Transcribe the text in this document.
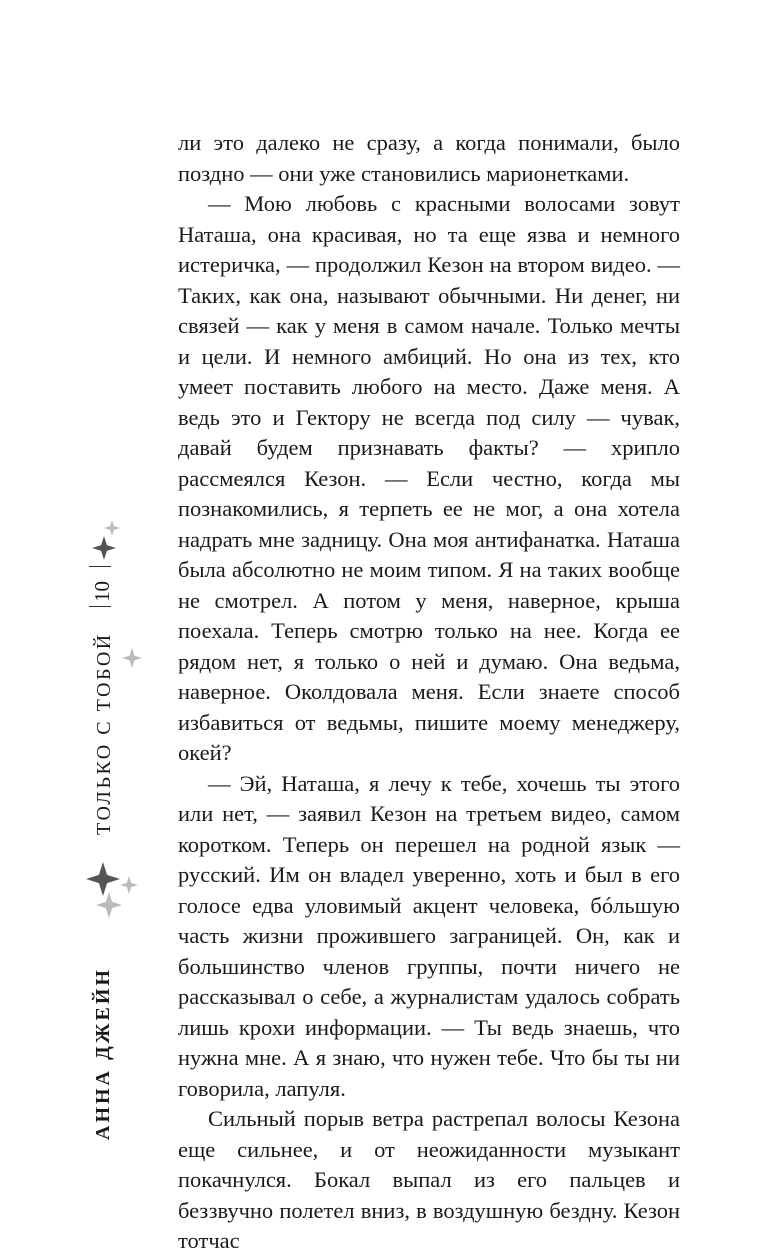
ли это далеко не сразу, а когда понимали, было поздно — они уже становились марионетками.

— Мою любовь с красными волосами зовут Наташа, она красивая, но та еще язва и немного истеричка, — продолжил Кезон на втором видео. — Таких, как она, называют обычными. Ни денег, ни связей — как у меня в самом начале. Только мечты и цели. И немного амбиций. Но она из тех, кто умеет поставить любого на место. Даже меня. А ведь это и Гектору не всегда под силу — чувак, давай будем признавать факты? — хрипло рассмеялся Кезон. — Если честно, когда мы познакомились, я терпеть ее не мог, а она хотела надрать мне задницу. Она моя антифанатка. Наташа была абсолютно не моим типом. Я на таких вообще не смотрел. А потом у меня, наверное, крыша поехала. Теперь смотрю только на нее. Когда ее рядом нет, я только о ней и думаю. Она ведьма, наверное. Околдовала меня. Если знаете способ избавиться от ведьмы, пишите моему менеджеру, окей?

— Эй, Наташа, я лечу к тебе, хочешь ты этого или нет, — заявил Кезон на третьем видео, самом коротком. Теперь он перешел на родной язык — русский. Им он владел уверенно, хоть и был в его голосе едва уловимый акцент человека, бóльшую часть жизни прожившего заграницей. Он, как и большинство членов группы, почти ничего не рассказывал о себе, а журналистам удалось собрать лишь крохи информации. — Ты ведь знаешь, что нужна мне. А я знаю, что нужен тебе. Что бы ты ни говорила, лапуля.

Сильный порыв ветра растрепал волосы Кезона еще сильнее, и от неожиданности музыкант покачнулся. Бокал выпал из его пальцев и беззвучно полетел вниз, в воздушную бездну. Кезон тотчас

10
ТОЛЬКО С ТОБОЙ
АННА ДЖЕЙН
